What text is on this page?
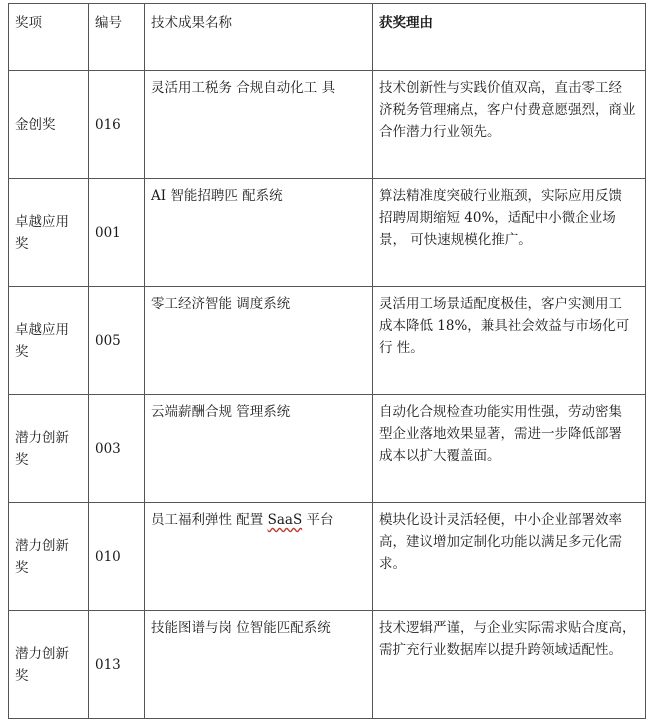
奖项	编号	技术成果名称	获奖理由
金创奖	016	灵活用工税务 合规自动化工 具	技术创新性与实践价值双高，直击零工经 济税务管理痛点，客户付费意愿强烈，商业合作潜力行业领先。
卓越应用奖	001	AI 智能招聘匹 配系统	算法精准度突破行业瓶颈，实际应用反馈 招聘周期缩短 40%，适配中小微企业场景， 可快速规模化推广。
卓越应用奖	005	零工经济智能 调度系统	灵活用工场景适配度极佳，客户实测用工 成本降低 18%，兼具社会效益与市场化可行 性。
潜力创新奖	003	云端薪酬合规 管理系统	自动化合规检查功能实用性强，劳动密集 型企业落地效果显著，需进一步降低部署 成本以扩大覆盖面。
潜力创新奖	010	员工福利弹性 配置 SaaS 平台	模块化设计灵活轻便，中小企业部署效率高，建议增加定制化功能以满足多元化需求。
潜力创新奖	013	技能图谱与岗 位智能匹配系统	技术逻辑严谨，与企业实际需求贴合度高，需扩充行业数据库以提升跨领域适配性。
